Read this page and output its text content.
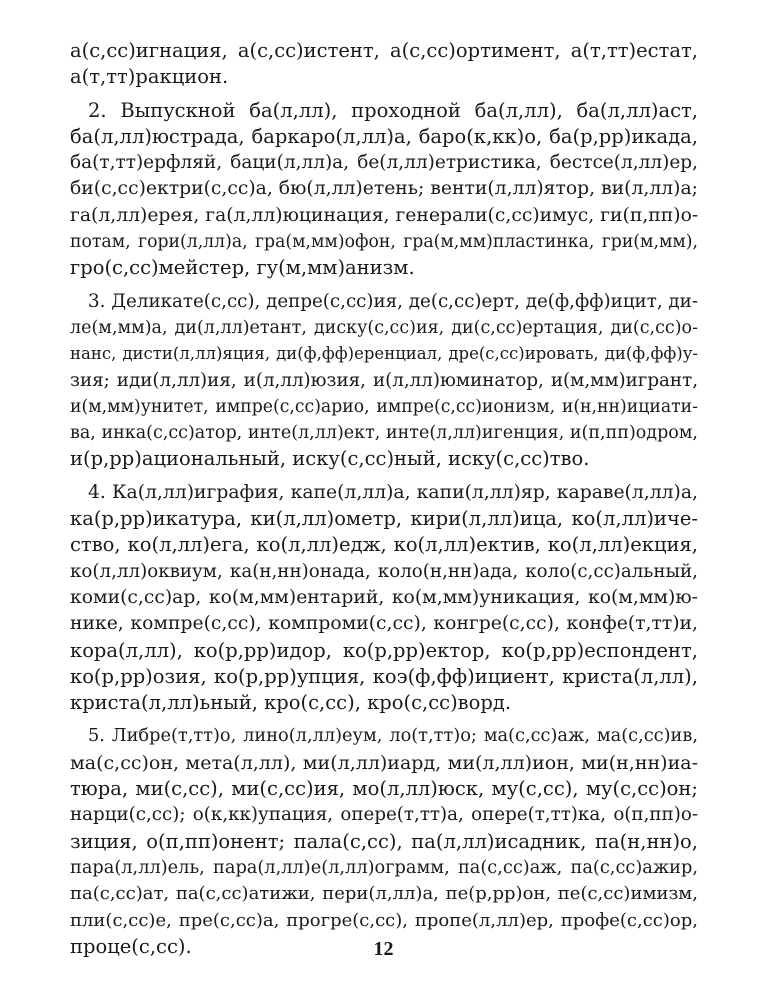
а(с,сс)игнация, а(с,сс)истент, а(с,сс)ортимент, а(т,тт)естат,
а(т,тт)ракцион.
2. Выпускной ба(л,лл), проходной ба(л,лл), ба(л,лл)аст,
ба(л,лл)юстрада, баркаро(л,лл)а, баро(к,кк)о, ба(р,рр)икада,
ба(т,тт)ерфляй, баци(л,лл)а, бе(л,лл)етристика, бестсе(л,лл)ер,
би(с,сс)ектри(с,сс)а, бю(л,лл)етень; венти(л,лл)ятор, ви(л,лл)а;
га(л,лл)ерея, га(л,лл)юцинация, генерали(с,сс)имус, ги(п,пп)о-
потам, гори(л,лл)а, гра(м,мм)офон, гра(м,мм)пластинка, гри(м,мм),
гро(с,сс)мейстер, гу(м,мм)анизм.
3. Деликате(с,сс), депре(с,сс)ия, де(с,сс)ерт, де(ф,фф)ицит, ди-
ле(м,мм)а, ди(л,лл)етант, диску(с,сс)ия, ди(с,сс)ертация, ди(с,сс)о-
нанс, дисти(л,лл)яция, ди(ф,фф)еренциал, дре(с,сс)ировать, ди(ф,фф)у-
зия; иди(л,лл)ия, и(л,лл)юзия, и(л,лл)юминатор, и(м,мм)игрант,
и(м,мм)унитет, импре(с,сс)арио, импре(с,сс)ионизм, и(н,нн)ициати-
ва, инка(с,сс)атор, инте(л,лл)ект, инте(л,лл)игенция, и(п,пп)одром,
и(р,рр)ациональный, иску(с,сс)ный, иску(с,сс)тво.
4. Ка(л,лл)играфия, капе(л,лл)а, капи(л,лл)яр, караве(л,лл)а,
ка(р,рр)икатура, ки(л,лл)ометр, кири(л,лл)ица, ко(л,лл)иче-
ство, ко(л,лл)ега, ко(л,лл)едж, ко(л,лл)ектив, ко(л,лл)екция,
ко(л,лл)оквиум, ка(н,нн)онада, коло(н,нн)ада, коло(с,сс)альный,
коми(с,сс)ар, ко(м,мм)ентарий, ко(м,мм)уникация, ко(м,мм)ю-
нике, компре(с,сс), компроми(с,сс), конгре(с,сс), конфе(т,тт)и,
кора(л,лл), ко(р,рр)идор, ко(р,рр)ектор, ко(р,рр)еспондент,
ко(р,рр)озия, ко(р,рр)упция, коэ(ф,фф)ициент, криста(л,лл),
криста(л,лл)ьный, кро(с,сс), кро(с,сс)ворд.
5. Либре(т,тт)о, лино(л,лл)еум, ло(т,тт)о; ма(с,сс)аж, ма(с,сс)ив,
ма(с,сс)он, мета(л,лл), ми(л,лл)иард, ми(л,лл)ион, ми(н,нн)иа-
тюра, ми(с,сс), ми(с,сс)ия, мо(л,лл)юск, му(с,сс), му(с,сс)он;
нарци(с,сс); о(к,кк)упация, опере(т,тт)а, опере(т,тт)ка, о(п,пп)о-
зиция, о(п,пп)онент; пала(с,сс), па(л,лл)исадник, па(н,нн)о,
пара(л,лл)ель, пара(л,лл)е(л,лл)ограмм, па(с,сс)аж, па(с,сс)ажир,
па(с,сс)ат, па(с,сс)атижи, пери(л,лл)а, пе(р,рр)он, пе(с,сс)имизм,
пли(с,сс)е, пре(с,сс)а, прогре(с,сс), пропе(л,лл)ер, профе(с,сс)ор,
проце(с,сс).	12
